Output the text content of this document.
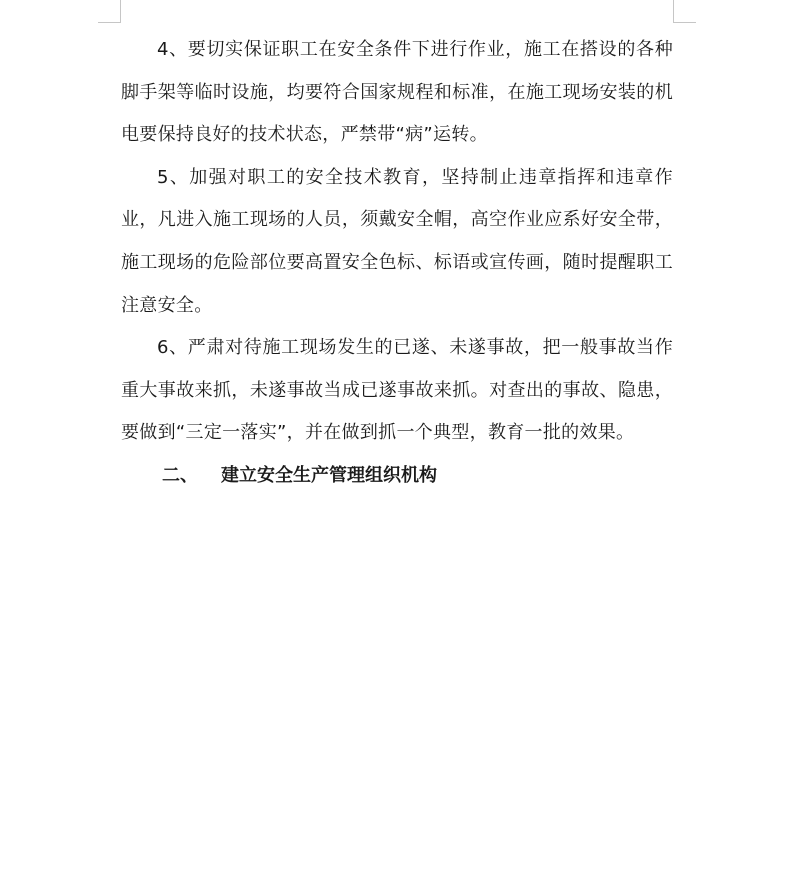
4、要切实保证职工在安全条件下进行作业，施工在搭设的各种脚手架等临时设施，均要符合国家规程和标准，在施工现场安装的机电要保持良好的技术状态，严禁带“病”运转。

5、加强对职工的安全技术教育，坚持制止违章指挥和违章作业，凡进入施工现场的人员，须戴安全帽，高空作业应系好安全带，施工现场的危险部位要高置安全色标、标语或宣传画，随时提醒职工注意安全。

6、严肃对待施工现场发生的已遂、未遂事故，把一般事故当作重大事故来抓，未遂事故当成已遂事故来抓。对查出的事故、隐患，要做到“三定一落实”，并在做到抓一个典型，教育一批的效果。

二、	建立安全生产管理组织机构
